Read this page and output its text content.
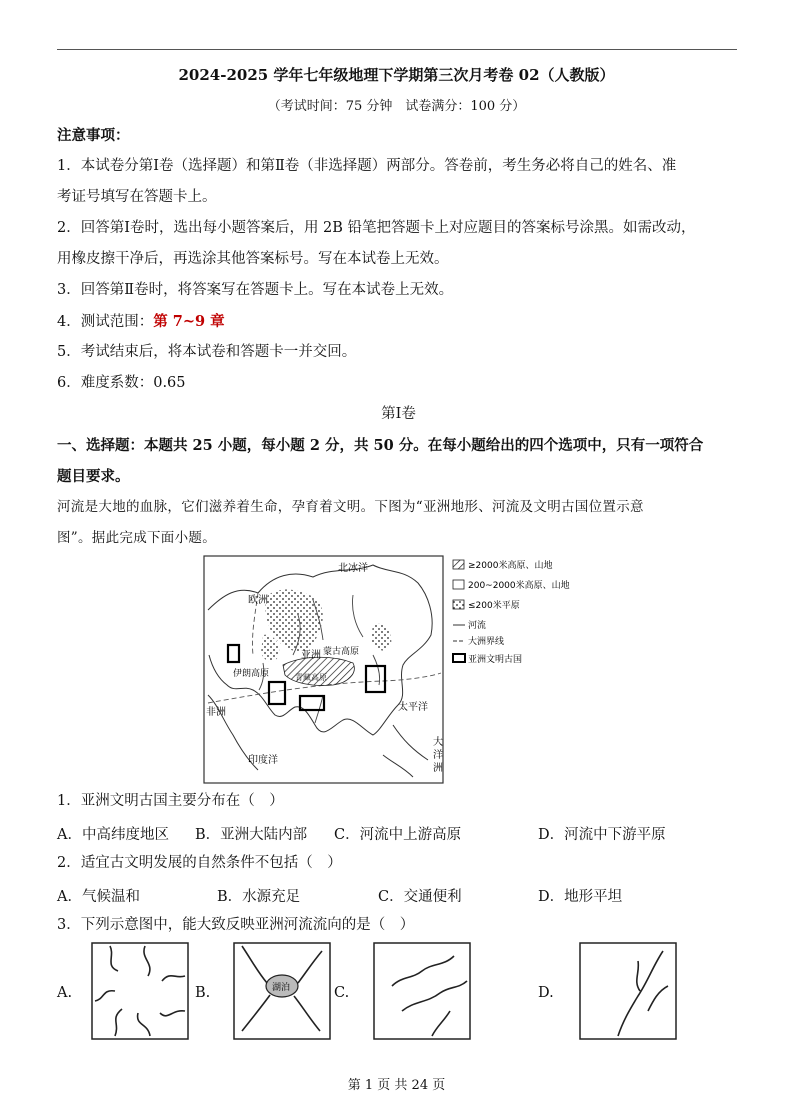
2024-2025 学年七年级地理下学期第三次月考卷 02（人教版）
（考试时间：75 分钟　试卷满分：100 分）
注意事项：
1．本试卷分第Ⅰ卷（选择题）和第Ⅱ卷（非选择题）两部分。答卷前，考生务必将自己的姓名、准
考证号填写在答题卡上。
2．回答第Ⅰ卷时，选出每小题答案后，用 2B 铅笔把答题卡上对应题目的答案标号涂黑。如需改动，
用橡皮擦干净后，再选涂其他答案标号。写在本试卷上无效。
3．回答第Ⅱ卷时，将答案写在答题卡上。写在本试卷上无效。
4．测试范围：第 7~9 章
5．考试结束后，将本试卷和答题卡一并交回。
6．难度系数：0.65
第Ⅰ卷
一、选择题：本题共 25 小题，每小题 2 分，共 50 分。在每小题给出的四个选项中，只有一项符合
题目要求。
河流是大地的血脉，它们滋养着生命，孕育着文明。下图为“亚洲地形、河流及文明古国位置示意
图”。据此完成下面小题。
北冰洋
欧洲
亚洲 蒙古高原
伊朗高原	青藏高原
非洲	太平洋
印度洋
大
洋
洲
≥2000米高原、山地
200~2000米高原、山地
≤200米平原
河流
大洲界线
亚洲文明古国
1．亚洲文明古国主要分布在（　）
A．中高纬度地区 B．亚洲大陆内部 C．河流中上游高原	D．河流中下游平原
2．适宜古文明发展的自然条件不包括（　）
A．气候温和	B．水源充足	C．交通便利	D．地形平坦
3．下列示意图中，能大致反映亚洲河流流向的是（　）
A.	B.	湖泊	C.	D.
第 1 页 共 24 页
